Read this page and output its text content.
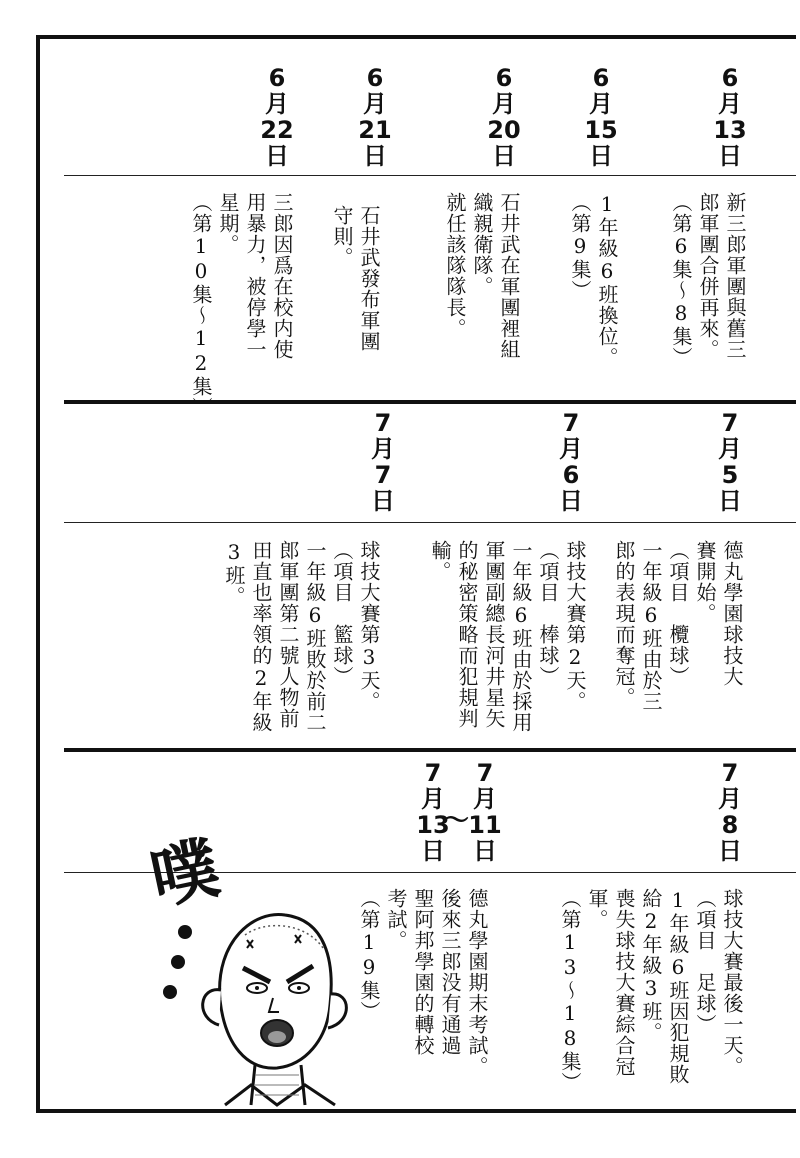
6
月
13
日
6
月
15
日
6
月
20
日
6
月
21
日
6
月
22
日
新三郎軍團與舊三
郎軍團合併再來。
（第6集～8集）
1年級6班換位。
（第9集）
石井武在軍團裡組
織親衛隊。
就任該隊隊長。
石井武發布軍團
守則。
三郎因爲在校内使
用暴力，被停學一
星期。
（第10集～12集）
7
月
5
日
7
月
6
日
7
月
7
日
德丸學園球技大
賽開始。
（項目　欖球）
一年級6班由於三
郎的表現而奪冠。
球技大賽第2天。
（項目　棒球）
一年級6班由於採用
軍團副總長河井星矢
的秘密策略而犯規判
輸。
球技大賽第3天。
（項目　籃球）
一年級6班敗於前二
郎軍團第二號人物前
田直也率領的2年級
3班。
7
月
8
日
7
月
11
日
～
7
月
13
日
球技大賽最後一天。
（項目　足球）
1年級6班因犯規敗
給2年級3班。
喪失球技大賽綜合冠
軍。
（第13～18集）
德丸學園期末考試。
後來三郎没有通過
聖阿邦學園的轉校
考試。
（第19集）
噗
